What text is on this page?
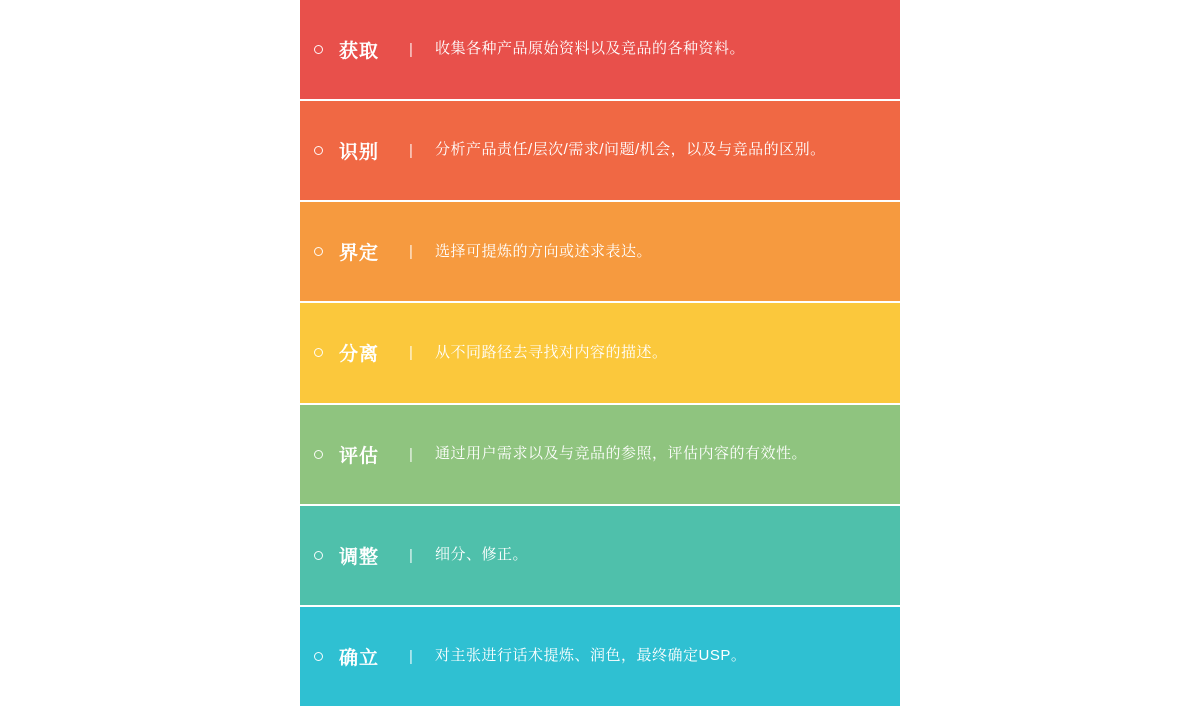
获取	|	收集各种产品原始资料以及竞品的各种资料。
识别	|	分析产品责任/层次/需求/问题/机会，以及与竞品的区别。
界定	|	选择可提炼的方向或述求表达。
分离	|	从不同路径去寻找对内容的描述。
评估	|	通过用户需求以及与竞品的参照，评估内容的有效性。
调整	|	细分、修正。
确立	|	对主张进行话术提炼、润色，最终确定USP。
